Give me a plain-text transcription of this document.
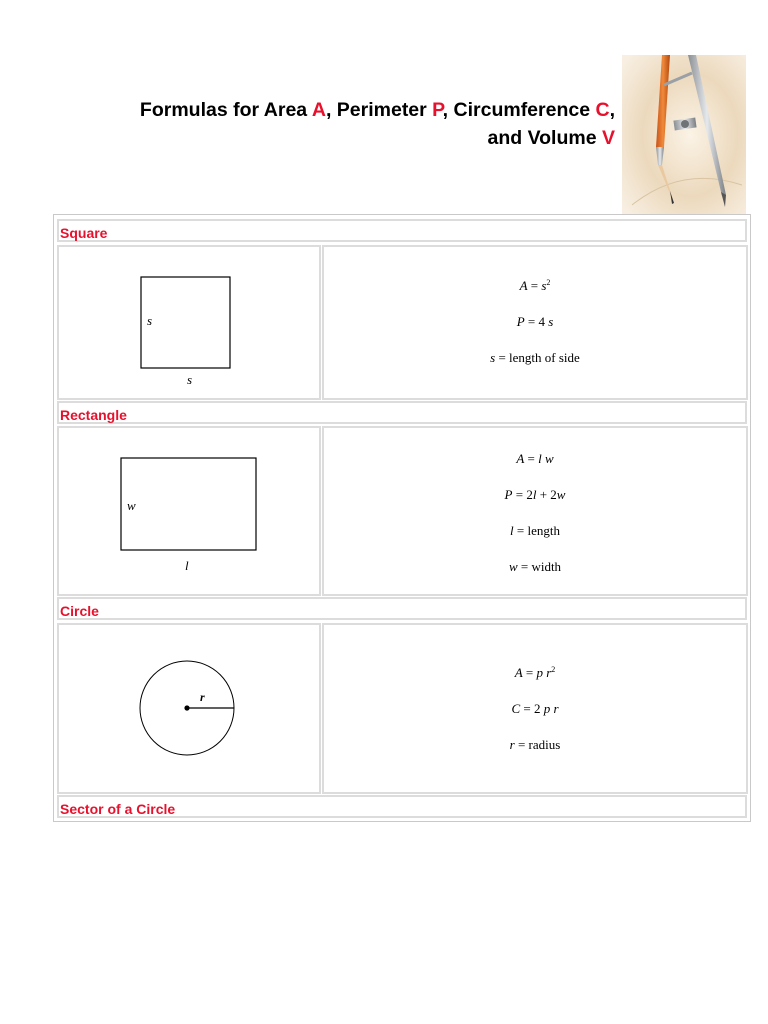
Formulas for Area A, Perimeter P, Circumference C,
and Volume V
Square
s
s
$A = s^2$
P = 4 s
s = length of side
Rectangle
w
l
A = l w
P = 2l + 2w
l = length
w = width
Circle
r
A = p $r^2$
C = 2 p r
r = radius
Sector of a Circle
